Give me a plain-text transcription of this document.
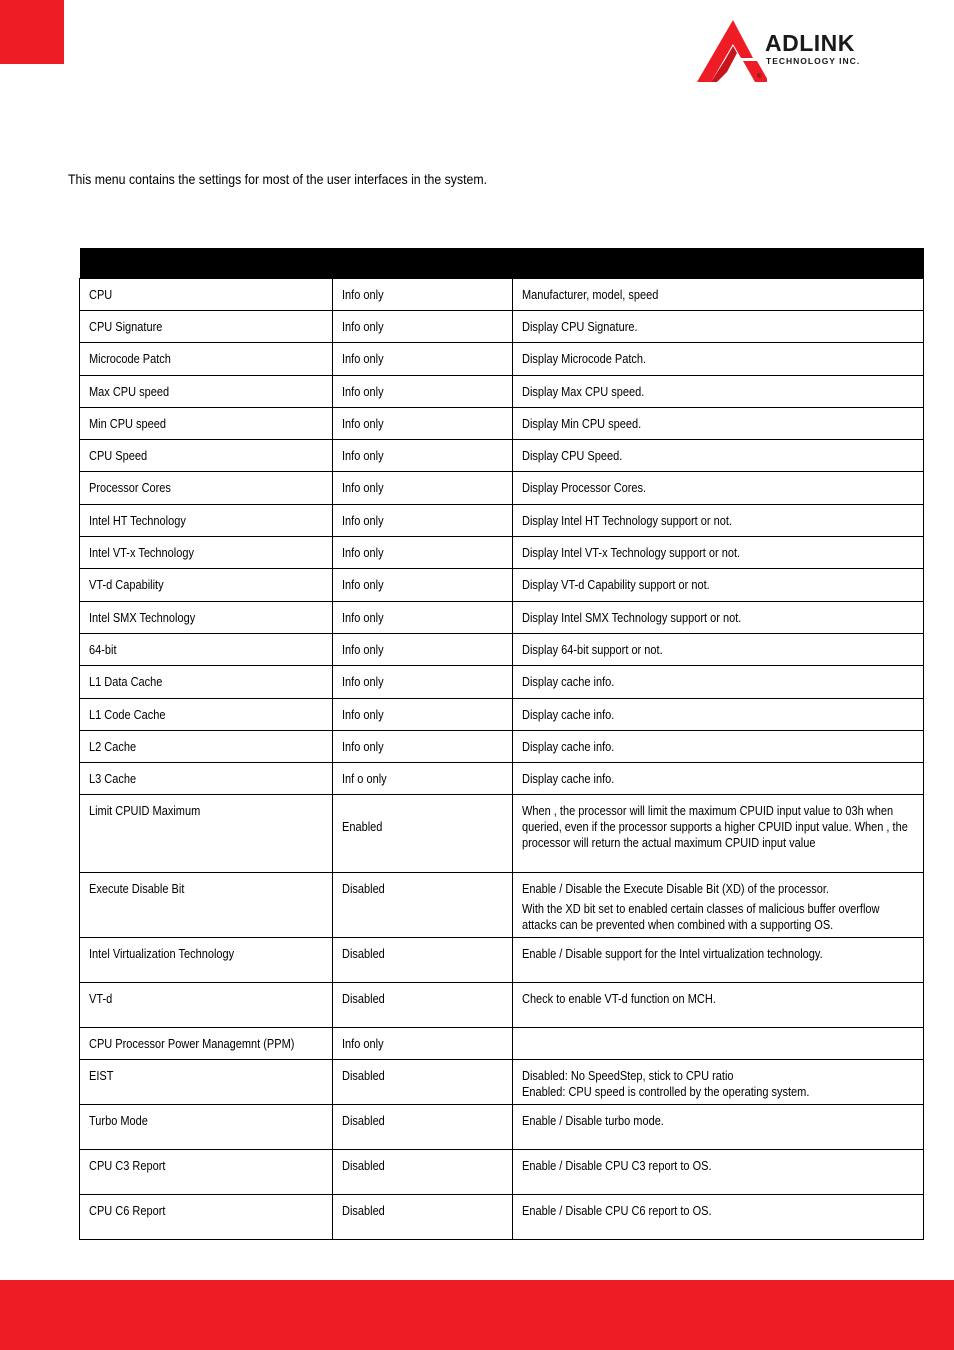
ADLINK
TECHNOLOGY INC.
®
This menu contains the settings for most of the user interfaces in the system.

CPU	Info only	Manufacturer, model, speed

CPU Signature	Info only	Display CPU Signature.

Microcode Patch	Info only	Display Microcode Patch.

Max CPU speed	Info only	Display Max CPU speed.

Min CPU speed	Info only	Display Min CPU speed.

CPU Speed	Info only	Display CPU Speed.

Processor Cores	Info only	Display Processor Cores.

Intel HT Technology	Info only	Display Intel HT Technology support or not.

Intel VT-x Technology	Info only	Display Intel VT-x Technology support or not.

VT-d Capability	Info only	Display VT-d Capability support or not.

Intel SMX Technology	Info only	Display Intel SMX Technology support or not.

64-bit	Info only	Display 64-bit support or not.

L1 Data Cache	Info only	Display cache info.

L1 Code Cache	Info only	Display cache info.

L2 Cache	Info only	Display cache info.

L3 Cache	Inf o only	Display cache info.

Limit CPUID Maximum	Enabled	When , the processor will limit the maximum CPUID input value to 03h when queried, even if the processor supports a higher CPUID input value. When , the processor will return the actual maximum CPUID input value

Execute Disable Bit	Disabled	Enable / Disable the Execute Disable Bit (XD) of the processor.
With the XD bit set to enabled certain classes of malicious buffer overflow attacks can be prevented when combined with a supporting OS.

Intel Virtualization Technology	Disabled	Enable / Disable support for the Intel virtualization technology.

VT-d	Disabled	Check to enable VT-d function on MCH.

CPU Processor Power Managemnt (PPM)	Info only	

EIST	Disabled	Disabled: No SpeedStep, stick to CPU ratio
Enabled: CPU speed is controlled by the operating system.

Turbo Mode	Disabled	Enable / Disable turbo mode.

CPU C3 Report	Disabled	Enable / Disable CPU C3 report to OS.

CPU C6 Report	Disabled	Enable / Disable CPU C6 report to OS.
